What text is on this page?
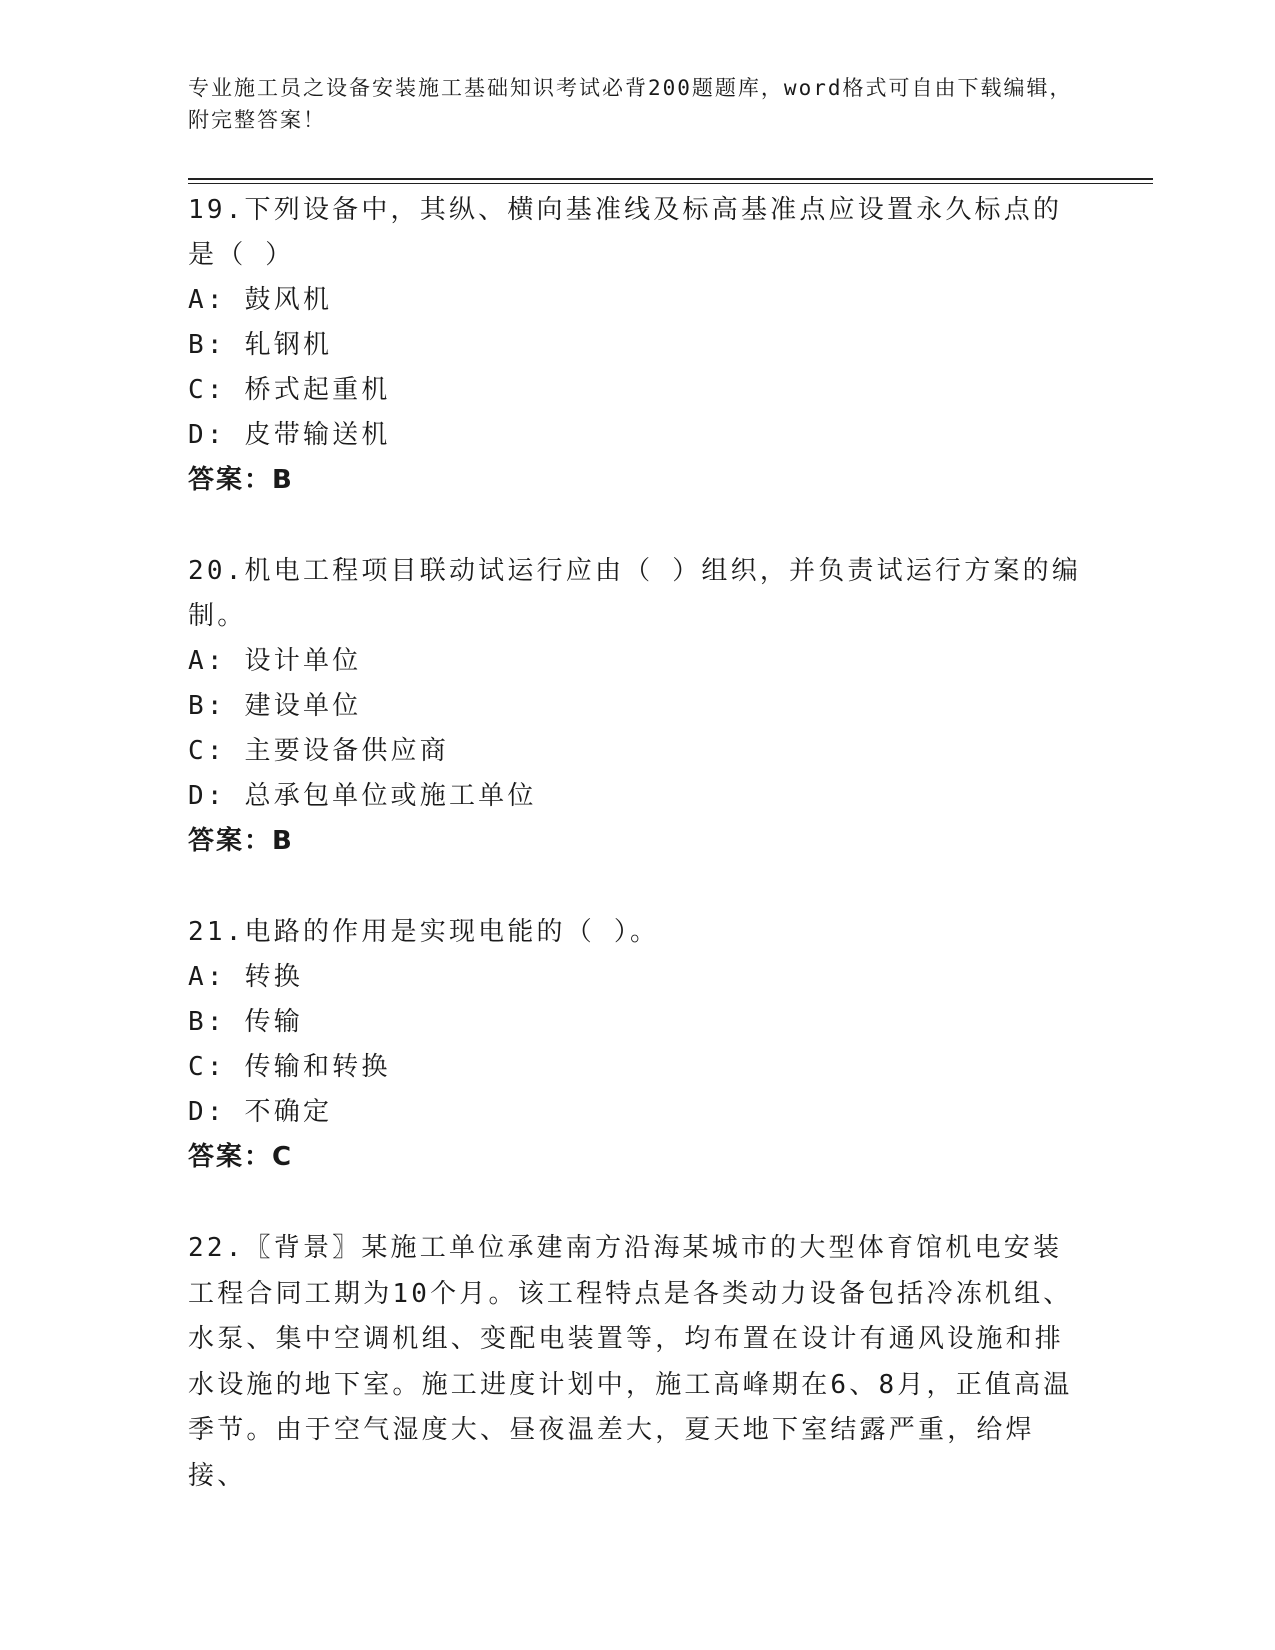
专业施工员之设备安装施工基础知识考试必背200题题库，word格式可自由下载编辑，附完整答案！
19.下列设备中，其纵、横向基准线及标高基准点应设置永久标点的是（ ）
A: 鼓风机
B: 轧钢机
C: 桥式起重机
D: 皮带输送机
答案：B
20.机电工程项目联动试运行应由（ ）组织，并负责试运行方案的编制。
A: 设计单位
B: 建设单位
C: 主要设备供应商
D: 总承包单位或施工单位
答案：B
21.电路的作用是实现电能的（ ）。
A: 转换
B: 传输
C: 传输和转换
D: 不确定
答案：C
22.〖背景〗某施工单位承建南方沿海某城市的大型体育馆机电安装工程合同工期为10个月。该工程特点是各类动力设备包括冷冻机组、水泵、集中空调机组、变配电装置等，均布置在设计有通风设施和排水设施的地下室。施工进度计划中，施工高峰期在6、8月，正值高温季节。由于空气湿度大、昼夜温差大，夏天地下室结露严重，给焊接、
